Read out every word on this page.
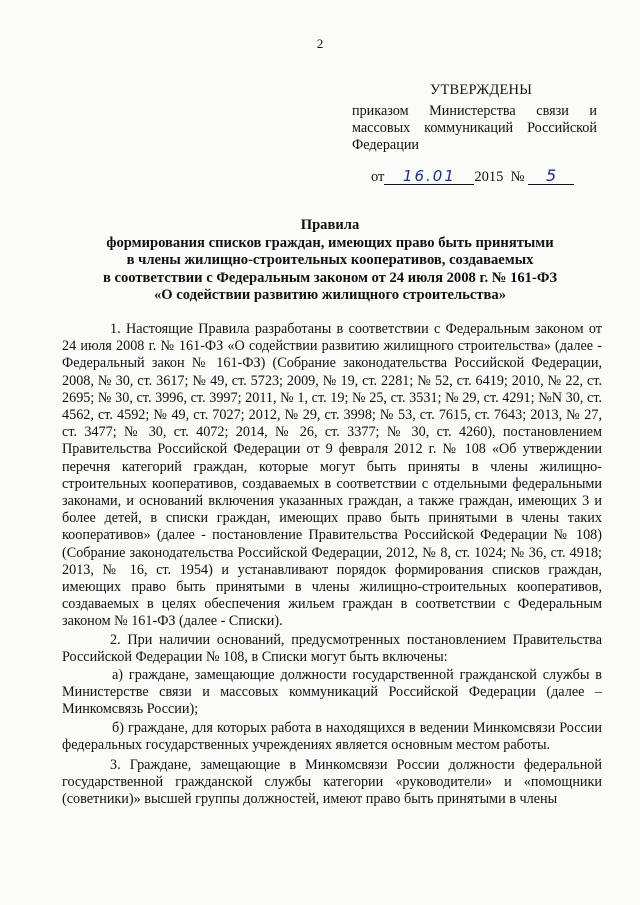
2
УТВЕРЖДЕНЫ
приказом Министерства связи и
массовых коммуникаций Российской
Федерации
от 16.01 2015 № 5
Правила
формирования списков граждан, имеющих право быть принятыми
в члены жилищно-строительных кооперативов, создаваемых
в соответствии с Федеральным законом от 24 июля 2008 г. № 161-ФЗ
«О содействии развитию жилищного строительства»

1. Настоящие Правила разработаны в соответствии с Федеральным законом от 24 июля 2008 г. № 161-ФЗ «О содействии развитию жилищного строительства» (далее - Федеральный закон № 161-ФЗ) (Собрание законодательства Российской Федерации, 2008, № 30, ст. 3617; № 49, ст. 5723; 2009, № 19, ст. 2281; № 52, ст. 6419; 2010, № 22, ст. 2695; № 30, ст. 3996, ст. 3997; 2011, № 1, ст. 19; № 25, ст. 3531; № 29, ст. 4291; №N 30, ст. 4562, ст. 4592; № 49, ст. 7027; 2012, № 29, ст. 3998; № 53, ст. 7615, ст. 7643; 2013, № 27, ст. 3477; № 30, ст. 4072; 2014, № 26, ст. 3377; № 30, ст. 4260), постановлением Правительства Российской Федерации от 9 февраля 2012 г. № 108 «Об утверждении перечня категорий граждан, которые могут быть приняты в члены жилищно-строительных кооперативов, создаваемых в соответствии с отдельными федеральными законами, и оснований включения указанных граждан, а также граждан, имеющих 3 и более детей, в списки граждан, имеющих право быть принятыми в члены таких кооперативов» (далее - постановление Правительства Российской Федерации № 108) (Собрание законодательства Российской Федерации, 2012, № 8, ст. 1024; № 36, ст. 4918; 2013, № 16, ст. 1954) и устанавливают порядок формирования списков граждан, имеющих право быть принятыми в члены жилищно-строительных кооперативов, создаваемых в целях обеспечения жильем граждан в соответствии с Федеральным законом № 161-ФЗ (далее - Списки).

2. При наличии оснований, предусмотренных постановлением Правительства Российской Федерации № 108, в Списки могут быть включены:

а) граждане, замещающие должности государственной гражданской службы в Министерстве связи и массовых коммуникаций Российской Федерации (далее – Минкомсвязь России);

б) граждане, для которых работа в находящихся в ведении Минкомсвязи России федеральных государственных учреждениях является основным местом работы.

3. Граждане, замещающие в Минкомсвязи России должности федеральной государственной гражданской службы категории «руководители» и «помощники (советники)» высшей группы должностей, имеют право быть принятыми в члены
